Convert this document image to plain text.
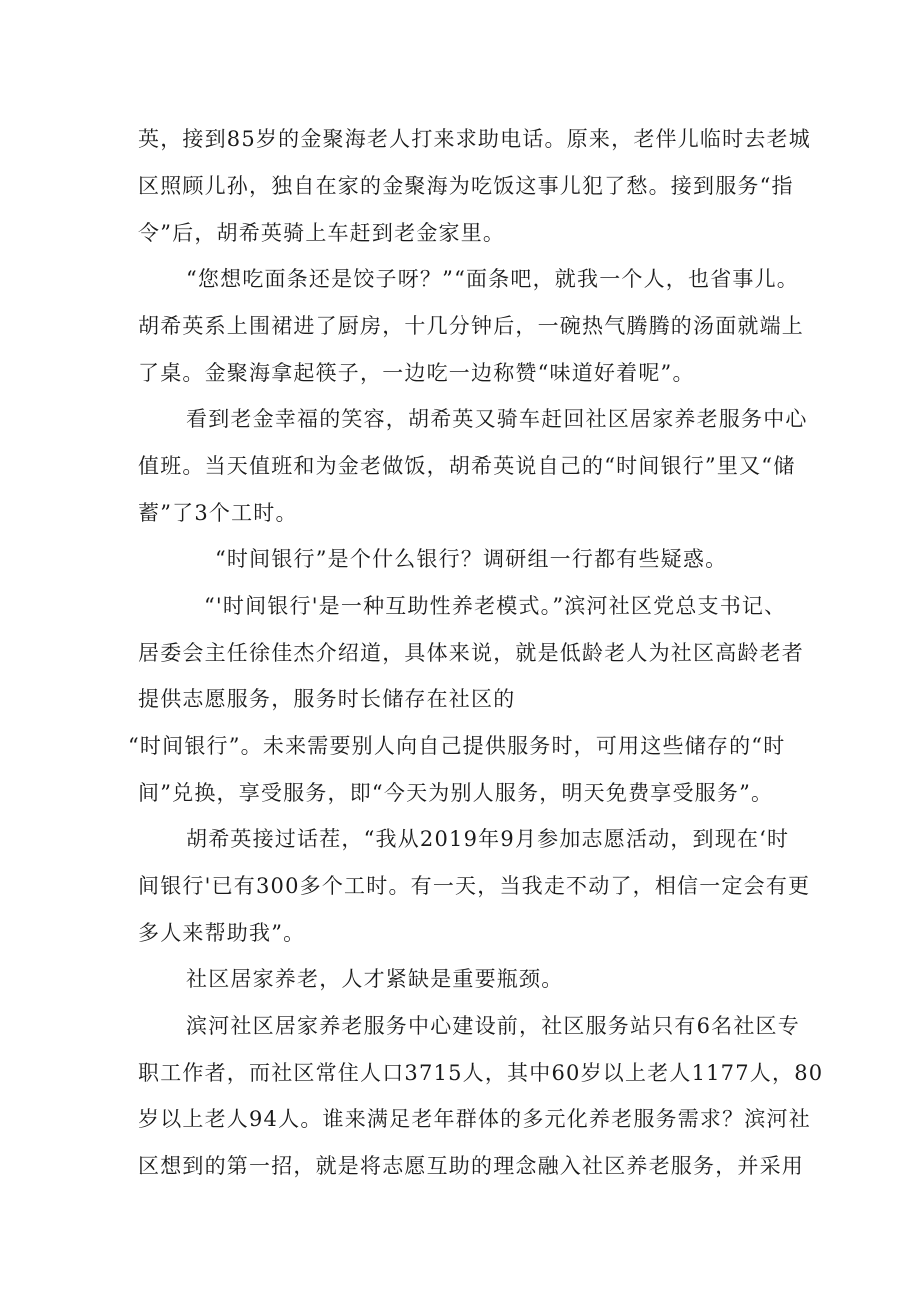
英，接到85岁的金聚海老人打来求助电话。原来，老伴儿临时去老城
区照顾儿孙，独自在家的金聚海为吃饭这事儿犯了愁。接到服务“指
令”后，胡希英骑上车赶到老金家里。
“您想吃面条还是饺子呀？”“面条吧，就我一个人，也省事儿。
胡希英系上围裙进了厨房，十几分钟后，一碗热气腾腾的汤面就端上
了桌。金聚海拿起筷子，一边吃一边称赞“味道好着呢”。
看到老金幸福的笑容，胡希英又骑车赶回社区居家养老服务中心
值班。当天值班和为金老做饭，胡希英说自己的“时间银行”里又“储
蓄”了3个工时。
“时间银行”是个什么银行？调研组一行都有些疑惑。
“'时间银行'是一种互助性养老模式。”滨河社区党总支书记、
居委会主任徐佳杰介绍道，具体来说，就是低龄老人为社区高龄老者
提供志愿服务，服务时长储存在社区的
“时间银行”。未来需要别人向自己提供服务时，可用这些储存的“时
间”兑换，享受服务，即“今天为别人服务，明天免费享受服务”。
胡希英接过话茬，“我从2019年9月参加志愿活动，到现在‘时
间银行'已有300多个工时。有一天，当我走不动了，相信一定会有更
多人来帮助我”。
社区居家养老，人才紧缺是重要瓶颈。
滨河社区居家养老服务中心建设前，社区服务站只有6名社区专
职工作者，而社区常住人口3715人，其中60岁以上老人1177人，80
岁以上老人94人。谁来满足老年群体的多元化养老服务需求？滨河社
区想到的第一招，就是将志愿互助的理念融入社区养老服务，并采用
